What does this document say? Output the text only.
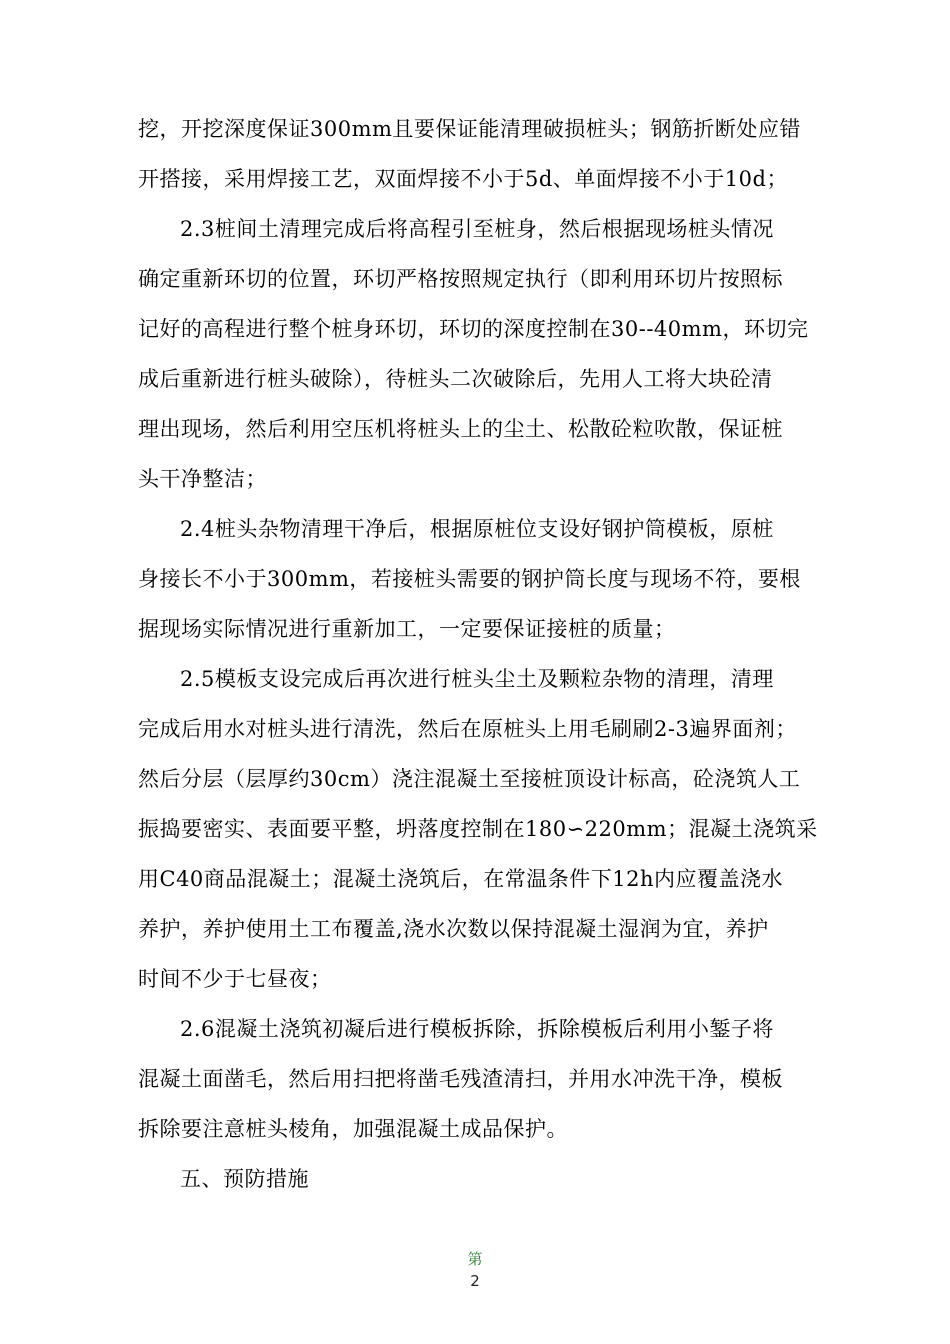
挖，开挖深度保证300mm且要保证能清理破损桩头；钢筋折断处应错
开搭接，采用焊接工艺，双面焊接不小于5d、单面焊接不小于10d；
2.3桩间土清理完成后将高程引至桩身，然后根据现场桩头情况
确定重新环切的位置，环切严格按照规定执行（即利用环切片按照标
记好的高程进行整个桩身环切，环切的深度控制在30--40mm，环切完
成后重新进行桩头破除），待桩头二次破除后，先用人工将大块砼清
理出现场，然后利用空压机将桩头上的尘土、松散砼粒吹散，保证桩
头干净整洁；
2.4桩头杂物清理干净后，根据原桩位支设好钢护筒模板，原桩
身接长不小于300mm，若接桩头需要的钢护筒长度与现场不符，要根
据现场实际情况进行重新加工，一定要保证接桩的质量；
2.5模板支设完成后再次进行桩头尘土及颗粒杂物的清理，清理
完成后用水对桩头进行清洗，然后在原桩头上用毛刷刷2-3遍界面剂；
然后分层（层厚约30cm）浇注混凝土至接桩顶设计标高，砼浇筑人工
振捣要密实、表面要平整，坍落度控制在180∽220mm；混凝土浇筑采
用C40商品混凝土；混凝土浇筑后，在常温条件下12h内应覆盖浇水
养护，养护使用土工布覆盖,浇水次数以保持混凝土湿润为宜，养护
时间不少于七昼夜；
2.6混凝土浇筑初凝后进行模板拆除，拆除模板后利用小錾子将
混凝土面凿毛，然后用扫把将凿毛残渣清扫，并用水冲洗干净，模板
拆除要注意桩头棱角，加强混凝土成品保护。
五、预防措施
第
2
